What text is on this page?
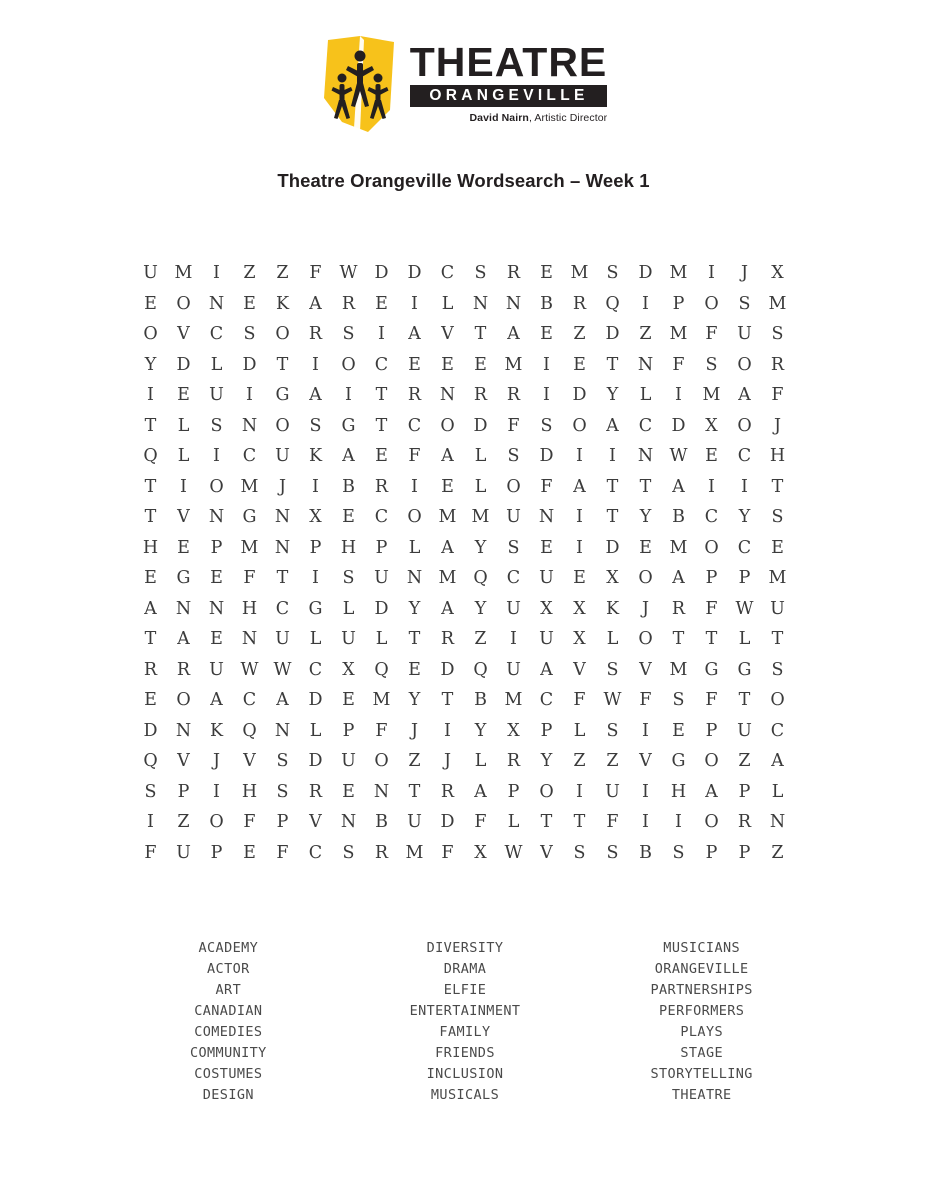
THEATRE
ORANGEVILLE
David Nairn, Artistic Director
Theatre Orangeville Wordsearch – Week 1
U M	I	Z	Z	F	W D	D	C	S	R	E	M	S	D M	I	J	X
E	O	N	E	K	A	R	E	I	L	N	N	B	R	Q	I	P	O	S	M
O	V	C	S	O	R	S	I	A	V	T	A	E	Z	D	Z	M	F	U	S
Y	D	L	D	T	I	O	C	E	E	E	M	I	E	T	N	F	S	O	R
I	E	U	I	G	A	I	T	R	N	R	R	I	D	Y	L	I	M	A	F
T	L	S	N	O	S	G	T	C	O	D	F	S	O	A	C	D	X	O	J
Q	L	I	C	U	K	A	E	F	A	L	S	D	I	I	N W	E	C	H
T	I	O M	J	I	B	R	I	E	L	O	F	A	T	T	A	I	I	T
T	V	N	G	N	X	E	C	O M M U	N	I	T	Y	B	C	Y	S
H	E	P	M N	P	H	P	L	A	Y	S	E	I	D	E	M O	C	E
E	G	E	F	T	I	S	U	N M Q	C	U	E	X	O	A	P	P	M
A	N	N	H	C	G	L	D	Y	A	Y	U	X	X	K	J	R	F	W U
T	A	E	N	U	L	U	L	T	R	Z	I	U	X	L	O	T	T	L	T
R	R	U W W C	X	Q	E	D	Q	U	A	V	S	V	M G	G	S
E	O	A	C	A	D	E	M	Y	T	B	M C	F	W	F	S	F	T	O
D	N	K	Q	N	L	P	F	J	I	Y	X	P	L	S	I	E	P	U	C
Q	V	J	V	S	D	U	O	Z	J	L	R	Y	Z	Z	V	G	O	Z	A
S	P	I	H	S	R	E	N	T	R	A	P	O	I	U	I	H	A	P	L
I	Z	O	F	P	V	N	B	U	D	F	L	T	T	F	I	I	O	R	N
F	U	P	E	F	C	S	R M	F	X	W	V	S	S	B	S	P	P	Z
ACADEMY
ACTOR
ART
CANADIAN
COMEDIES
COMMUNITY
COSTUMES
DESIGN
DIVERSITY
DRAMA
ELFIE
ENTERTAINMENT
FAMILY
FRIENDS
INCLUSION
MUSICALS
MUSICIANS
ORANGEVILLE
PARTNERSHIPS
PERFORMERS
PLAYS
STAGE
STORYTELLING
THEATRE
